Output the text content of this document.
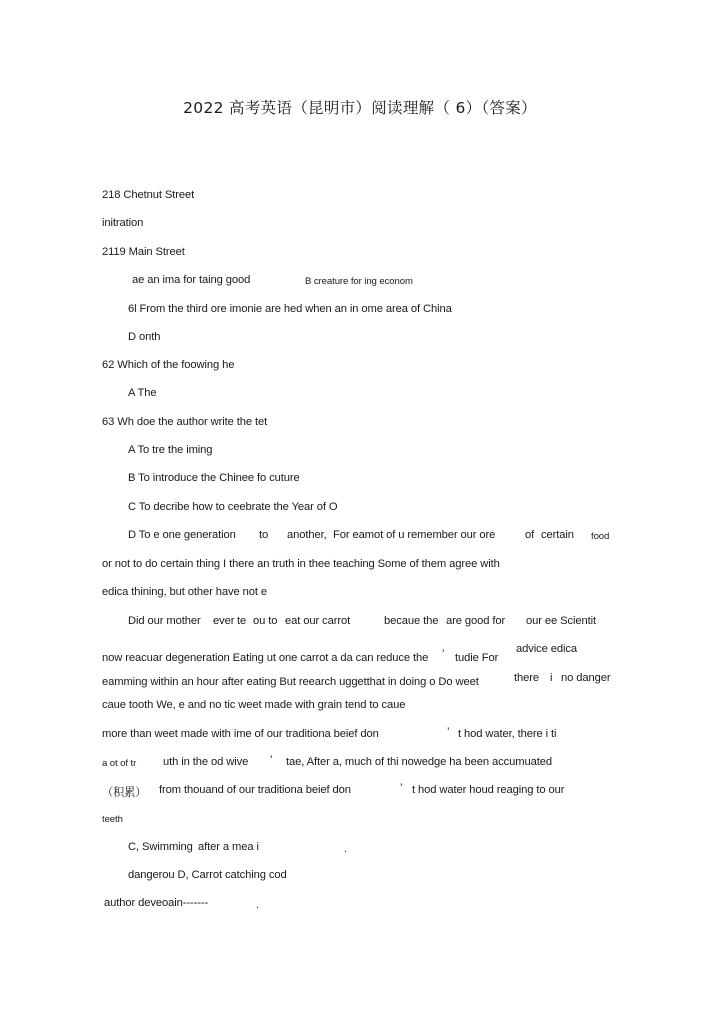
2022 高考英语（昆明市）阅读理解（ 6）（答案）
218 Chetnut Street
initration
2119 Main Street
ae an ima for taing good	B creature for ing econom
6l From the third ore imonie are hed when an in ome area of China
D onth
62 Which of the foowing he
A The
63 Wh doe the author write the tet
A To tre the iming
B To introduce the Chinee fo cuture
C To decribe how to ceebrate the Year of O
D To e one generation to another, For eamot of u remember our ore	of certain food
or not to do certain thing I there an truth in thee teaching Some of them agree with
edica thining, but other have not e
Did our mother ever te ou to eat our carrot	becaue the are good for our ee Scientit
advice edica
now reacuar degeneration Eating ut one carrot a da can reduce the ’ tudie For
eamming within an hour after eating But reearch uggetthat in doing o Do weet	there i no danger
caue tooth We, e and no tic weet made with grain tend to caue
more than weet made with ime of our traditiona beief don	’ t hod water, there i ti
a ot of tr uth in the od wive ’ tae, After a, much of thi nowedge ha been accumuated
（积累） from thouand of our traditiona beief don	’ t hod water houd reaging to our
teeth
C, Swimming after a mea i	.
dangerou D, Carrot catching cod
author deveoain-------	.
